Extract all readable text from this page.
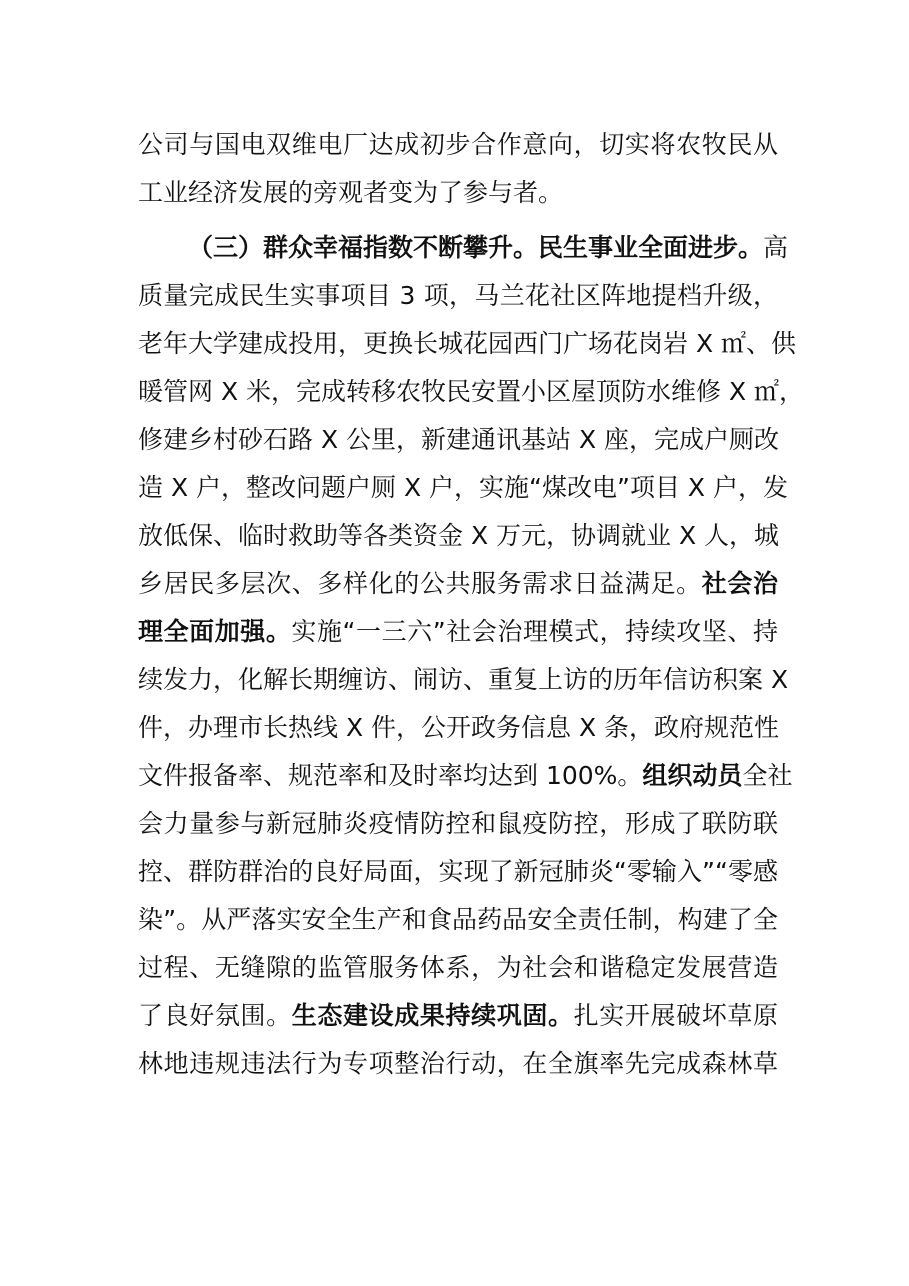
公司与国电双维电厂达成初步合作意向，切实将农牧民从
工业经济发展的旁观者变为了参与者。
（三）群众幸福指数不断攀升。民生事业全面进步。高
质量完成民生实事项目 3 项，马兰花社区阵地提档升级，
老年大学建成投用，更换长城花园西门广场花岗岩 X ㎡、供
暖管网 X 米，完成转移农牧民安置小区屋顶防水维修 X ㎡，
修建乡村砂石路 X 公里，新建通讯基站 X 座，完成户厕改
造 X 户，整改问题户厕 X 户，实施“煤改电”项目 X 户，发
放低保、临时救助等各类资金 X 万元，协调就业 X 人，城
乡居民多层次、多样化的公共服务需求日益满足。社会治
理全面加强。实施“一三六”社会治理模式，持续攻坚、持
续发力，化解长期缠访、闹访、重复上访的历年信访积案 X
件，办理市长热线 X 件，公开政务信息 X 条，政府规范性
文件报备率、规范率和及时率均达到 100%。组织动员全社
会力量参与新冠肺炎疫情防控和鼠疫防控，形成了联防联
控、群防群治的良好局面，实现了新冠肺炎“零输入”“零感
染”。从严落实安全生产和食品药品安全责任制，构建了全
过程、无缝隙的监管服务体系，为社会和谐稳定发展营造
了良好氛围。生态建设成果持续巩固。扎实开展破坏草原
林地违规违法行为专项整治行动，在全旗率先完成森林草
